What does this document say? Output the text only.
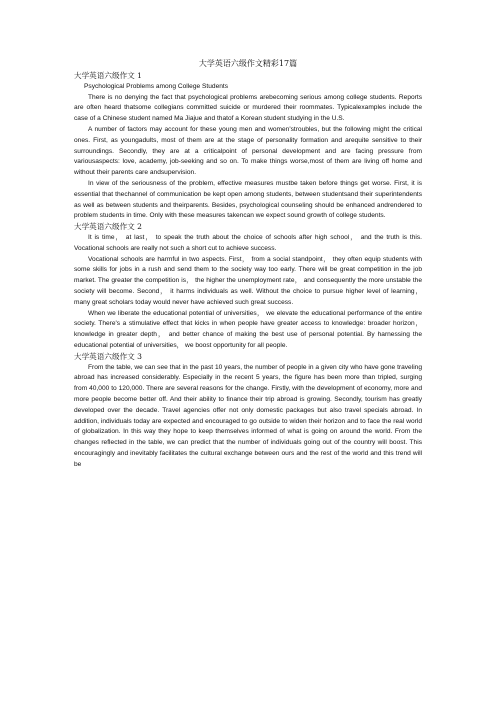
大学英语六级作文精彩17篇

大学英语六级作文 1

Psychological Problems among College Students

There is no denying the fact that psychological problems arebecoming serious among college students. Reports are often heard thatsome collegians committed suicide or murdered their roommates. Typicalexamples include the case of a Chinese student named Ma Jiajue and thatof a Korean student studying in the U.S.

A number of factors may account for these young men and women'stroubles, but the following might the critical ones. First, as youngadults, most of them are at the stage of personality formation and arequite sensitive to their surroundings. Secondly, they are at a criticalpoint of personal development and are facing pressure from variousaspects: love, academy, job-seeking and so on. To make things worse,most of them are living off home and without their parents care andsupervision.

In view of the seriousness of the problem, effective measures mustbe taken before things get worse. First, it is essential that thechannel of communication be kept open among students, between studentsand their superintendents as well as between students and theirparents. Besides, psychological counseling should be enhanced andrendered to problem students in time. Only with these measures takencan we expect sound growth of college students.

大学英语六级作文 2

It is time， at last， to speak the truth about the choice of schools after high school， and the truth is this. Vocational schools are really not such a short cut to achieve success.

Vocational schools are harmful in two aspects. First， from a social standpoint， they often equip students with some skills for jobs in a rush and send them to the society way too early. There will be great competition in the job market. The greater the competition is， the higher the unemployment rate， and consequently the more unstable the society will become. Second， it harms individuals as well. Without the choice to pursue higher level of learning， many great scholars today would never have achieved such great success.

When we liberate the educational potential of universities， we elevate the educational performance of the entire society. There's a stimulative effect that kicks in when people have greater access to knowledge: broader horizon， knowledge in greater depth， and better chance of making the best use of personal potential. By harnessing the educational potential of universities， we boost opportunity for all people.

大学英语六级作文 3

From the table, we can see that in the past 10 years, the number of people in a given city who have gone traveling abroad has increased considerably. Especially in the recent 5 years, the figure has been more than tripled, surging from 40,000 to 120,000. There are several reasons for the change. Firstly, with the development of economy, more and more people become better off. And their ability to finance their trip abroad is growing. Secondly, tourism has greatly developed over the decade. Travel agencies offer not only domestic packages but also travel specials abroad. In addition, individuals today are expected and encouraged to go outside to widen their horizon and to face the real world of globalization. In this way they hope to keep themselves informed of what is going on around the world. From the changes reflected in the table, we can predict that the number of individuals going out of the country will boost. This encouragingly and inevitably facilitates the cultural exchange between ours and the rest of the world and this trend will be
